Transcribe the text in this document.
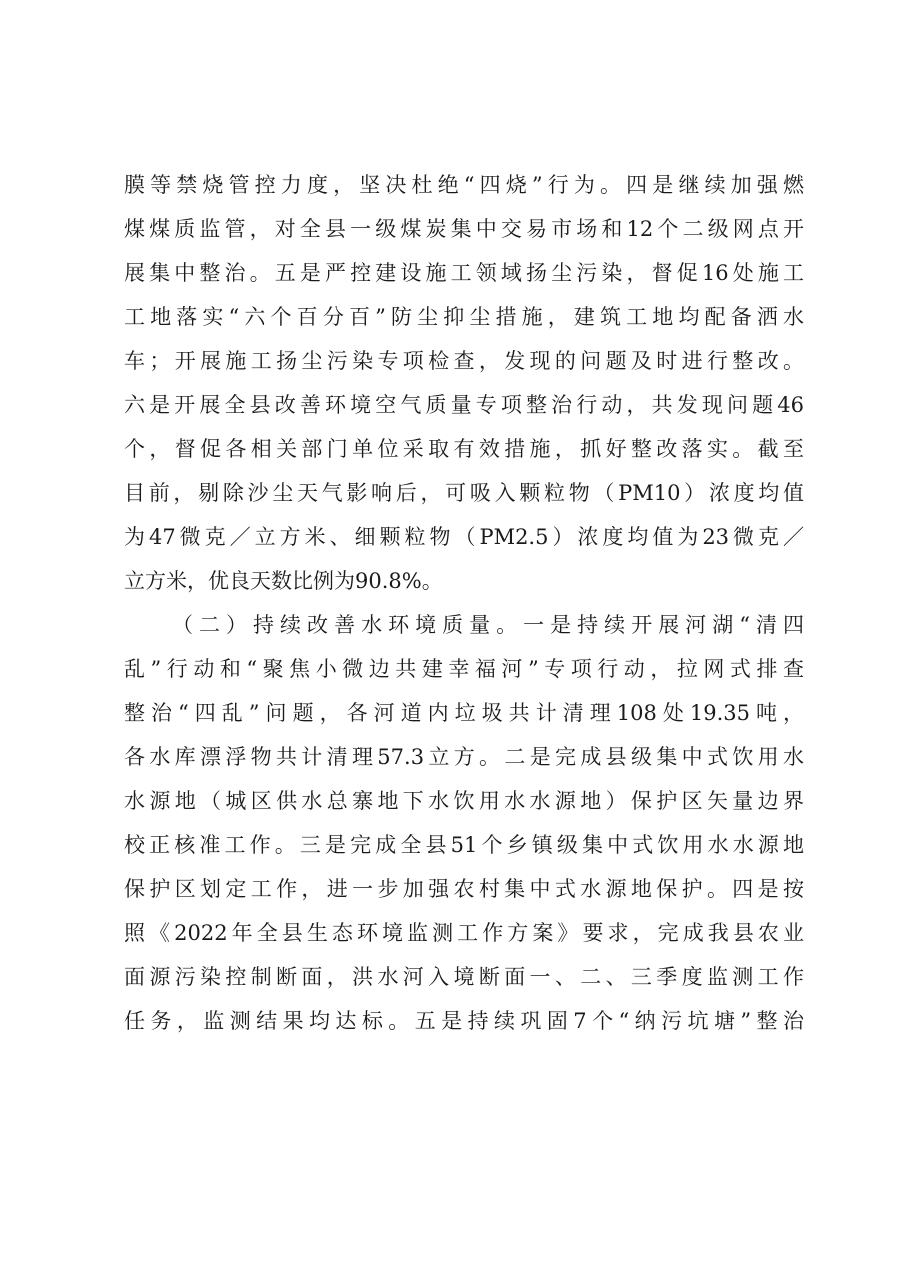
膜等禁烧管控力度，坚决杜绝“四烧”行为。四是继续加强燃
煤煤质监管，对全县一级煤炭集中交易市场和12个二级网点开
展集中整治。五是严控建设施工领域扬尘污染，督促16处施工
工地落实“六个百分百”防尘抑尘措施，建筑工地均配备洒水
车；开展施工扬尘污染专项检查，发现的问题及时进行整改。
六是开展全县改善环境空气质量专项整治行动，共发现问题46
个，督促各相关部门单位采取有效措施，抓好整改落实。截至
目前，剔除沙尘天气影响后，可吸入颗粒物（PM10）浓度均值
为47微克／立方米、细颗粒物（PM2.5）浓度均值为23微克／
立方米，优良天数比例为90.8%。
（二）持续改善水环境质量。一是持续开展河湖“清四
乱”行动和“聚焦小微边共建幸福河”专项行动，拉网式排查
整治“四乱”问题，各河道内垃圾共计清理108处19.35吨，
各水库漂浮物共计清理57.3立方。二是完成县级集中式饮用水
水源地（城区供水总寨地下水饮用水水源地）保护区矢量边界
校正核准工作。三是完成全县51个乡镇级集中式饮用水水源地
保护区划定工作，进一步加强农村集中式水源地保护。四是按
照《2022年全县生态环境监测工作方案》要求，完成我县农业
面源污染控制断面，洪水河入境断面一、二、三季度监测工作
任务，监测结果均达标。五是持续巩固7个“纳污坑塘”整治
